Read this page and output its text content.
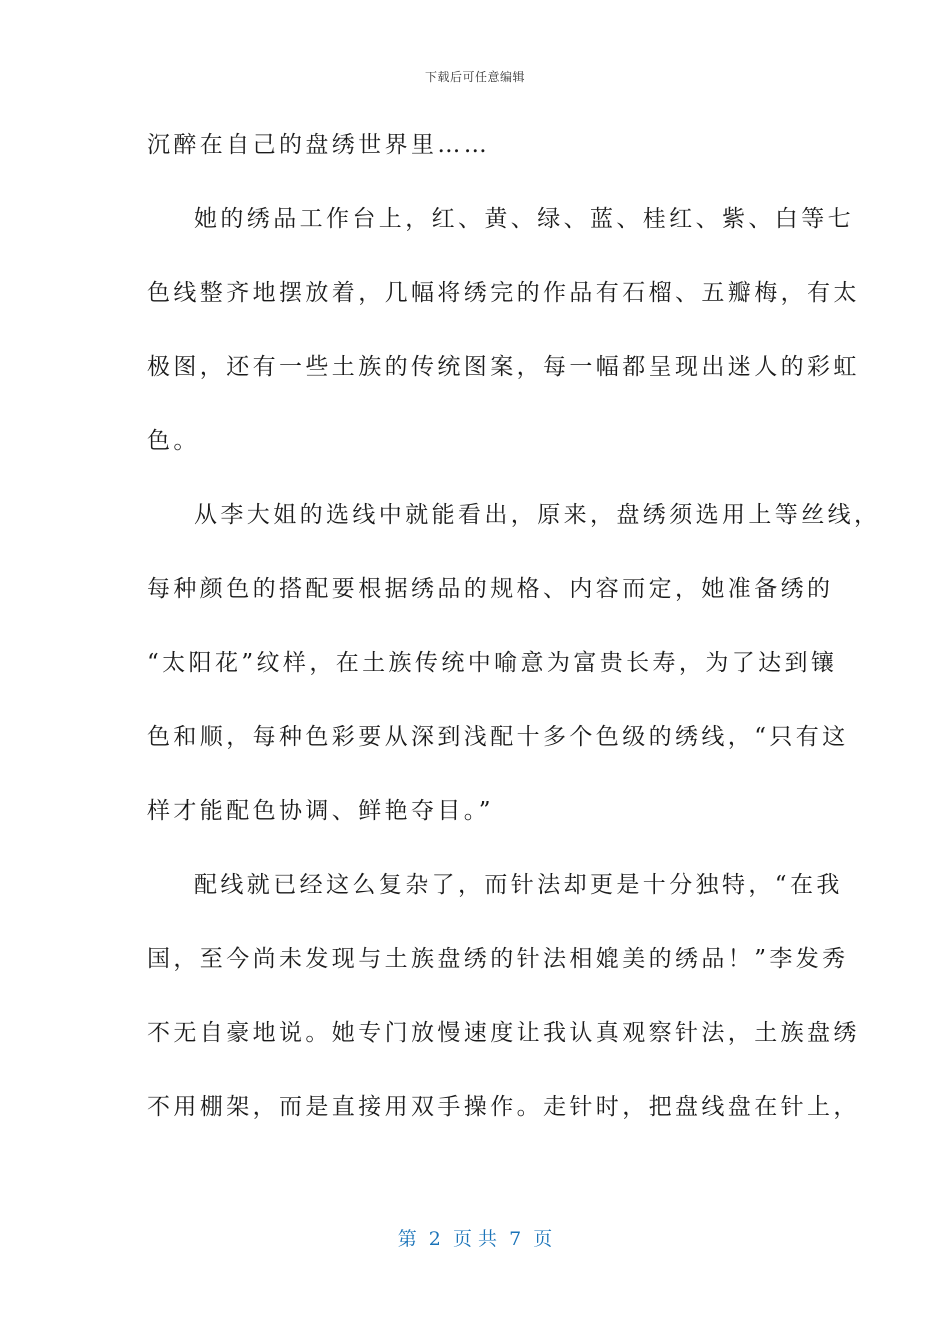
下载后可任意编辑
沉醉在自己的盘绣世界里……
她的绣品工作台上，红、黄、绿、蓝、桂红、紫、白等七
色线整齐地摆放着，几幅将绣完的作品有石榴、五瓣梅，有太
极图，还有一些土族的传统图案，每一幅都呈现出迷人的彩虹
色。
从李大姐的选线中就能看出，原来，盘绣须选用上等丝线，
每种颜色的搭配要根据绣品的规格、内容而定，她准备绣的
“太阳花”纹样，在土族传统中喻意为富贵长寿，为了达到镶
色和顺，每种色彩要从深到浅配十多个色级的绣线，“只有这
样才能配色协调、鲜艳夺目。”
配线就已经这么复杂了，而针法却更是十分独特，“在我
国，至今尚未发现与土族盘绣的针法相媲美的绣品！”李发秀
不无自豪地说。她专门放慢速度让我认真观察针法，土族盘绣
不用棚架，而是直接用双手操作。走针时，把盘线盘在针上，
第  2  页 共  7  页
